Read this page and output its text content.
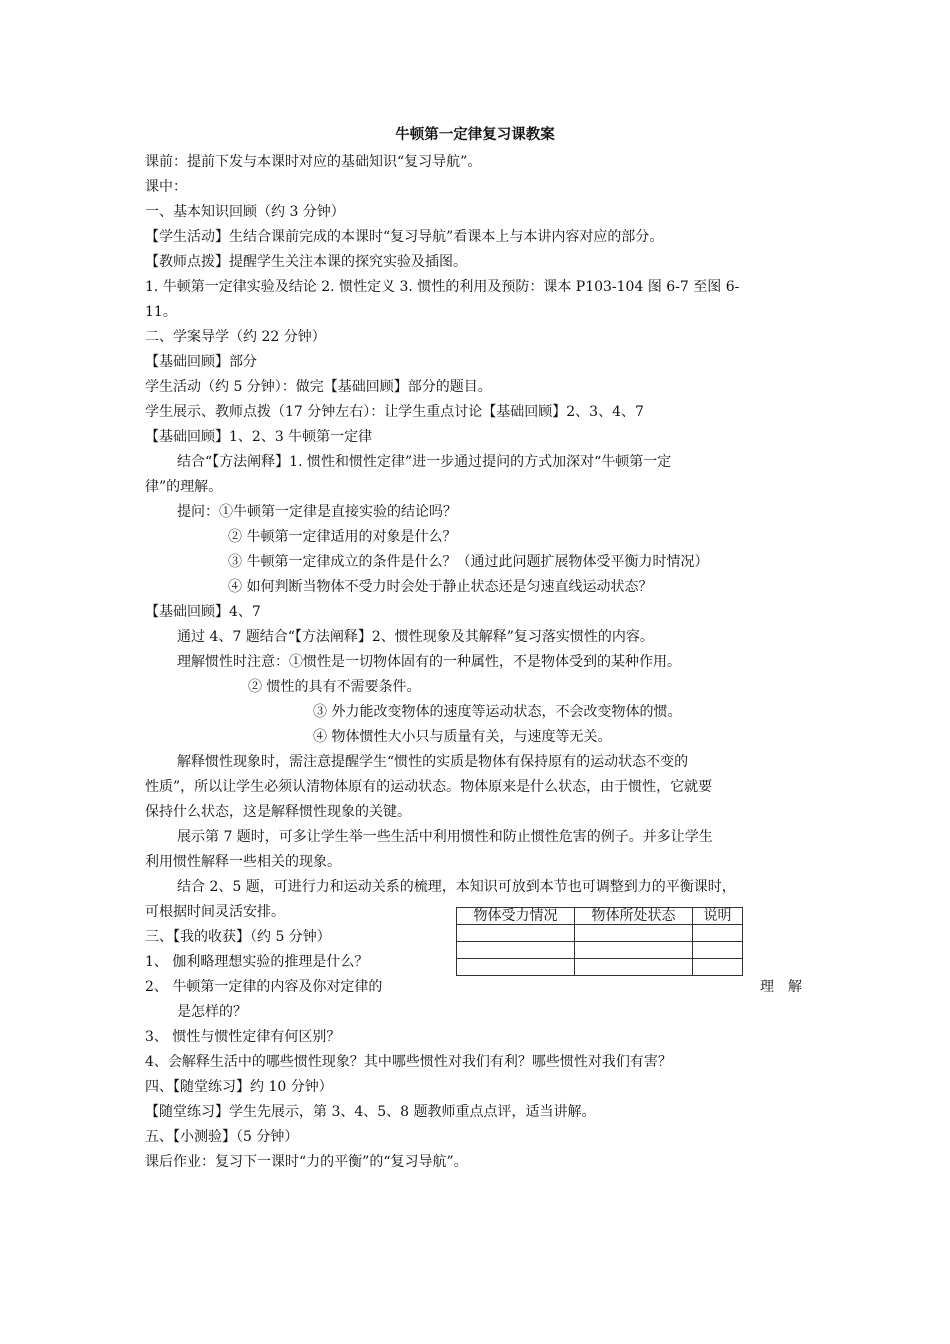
牛顿第一定律复习课教案
课前：提前下发与本课时对应的基础知识“复习导航”。
课中：
一、基本知识回顾（约 3 分钟）
【学生活动】生结合课前完成的本课时“复习导航”看课本上与本讲内容对应的部分。
【教师点拨】提醒学生关注本课的探究实验及插图。
1. 牛顿第一定律实验及结论 2. 惯性定义 3. 惯性的利用及预防：课本 P103-104 图 6-7 至图 6-
11。
二、学案导学（约 22 分钟）
【基础回顾】部分
学生活动（约 5 分钟）：做完【基础回顾】部分的题目。
学生展示、教师点拨（17 分钟左右）：让学生重点讨论【基础回顾】2、3、4、7
【基础回顾】1、2、3 牛顿第一定律
结合“【方法阐释】1. 惯性和惯性定律”进一步通过提问的方式加深对“牛顿第一定
律”的理解。
提问：①牛顿第一定律是直接实验的结论吗？
② 牛顿第一定律适用的对象是什么？
③ 牛顿第一定律成立的条件是什么？（通过此问题扩展物体受平衡力时情况）
④ 如何判断当物体不受力时会处于静止状态还是匀速直线运动状态？
【基础回顾】4、7
通过 4、7 题结合“【方法阐释】2、惯性现象及其解释”复习落实惯性的内容。
理解惯性时注意：①惯性是一切物体固有的一种属性，不是物体受到的某种作用。
② 惯性的具有不需要条件。
③ 外力能改变物体的速度等运动状态，不会改变物体的惯。
④ 物体惯性大小只与质量有关，与速度等无关。
解释惯性现象时，需注意提醒学生“惯性的实质是物体有保持原有的运动状态不变的
性质”，所以让学生必须认清物体原有的运动状态。物体原来是什么状态，由于惯性，它就要
保持什么状态，这是解释惯性现象的关键。
展示第 7 题时，可多让学生举一些生活中利用惯性和防止惯性危害的例子。并多让学生
利用惯性解释一些相关的现象。
结合 2、5 题，可进行力和运动关系的梳理，本知识可放到本节也可调整到力的平衡课时，
可根据时间灵活安排。
三、【我的收获】（约 5 分钟）
1、 伽利略理想实验的推理是什么？
2、 牛顿第一定律的内容及你对定律的	理　解
是怎样的？
3、 惯性与惯性定律有何区别？
4、会解释生活中的哪些惯性现象？其中哪些惯性对我们有利？哪些惯性对我们有害？
四、【随堂练习】约 10 分钟）
【随堂练习】学生先展示，第 3、4、5、8 题教师重点点评，适当讲解。
五、【小测验】（5 分钟）
课后作业：复习下一课时“力的平衡”的“复习导航”。
物体受力情况	物体所处状态	说明
